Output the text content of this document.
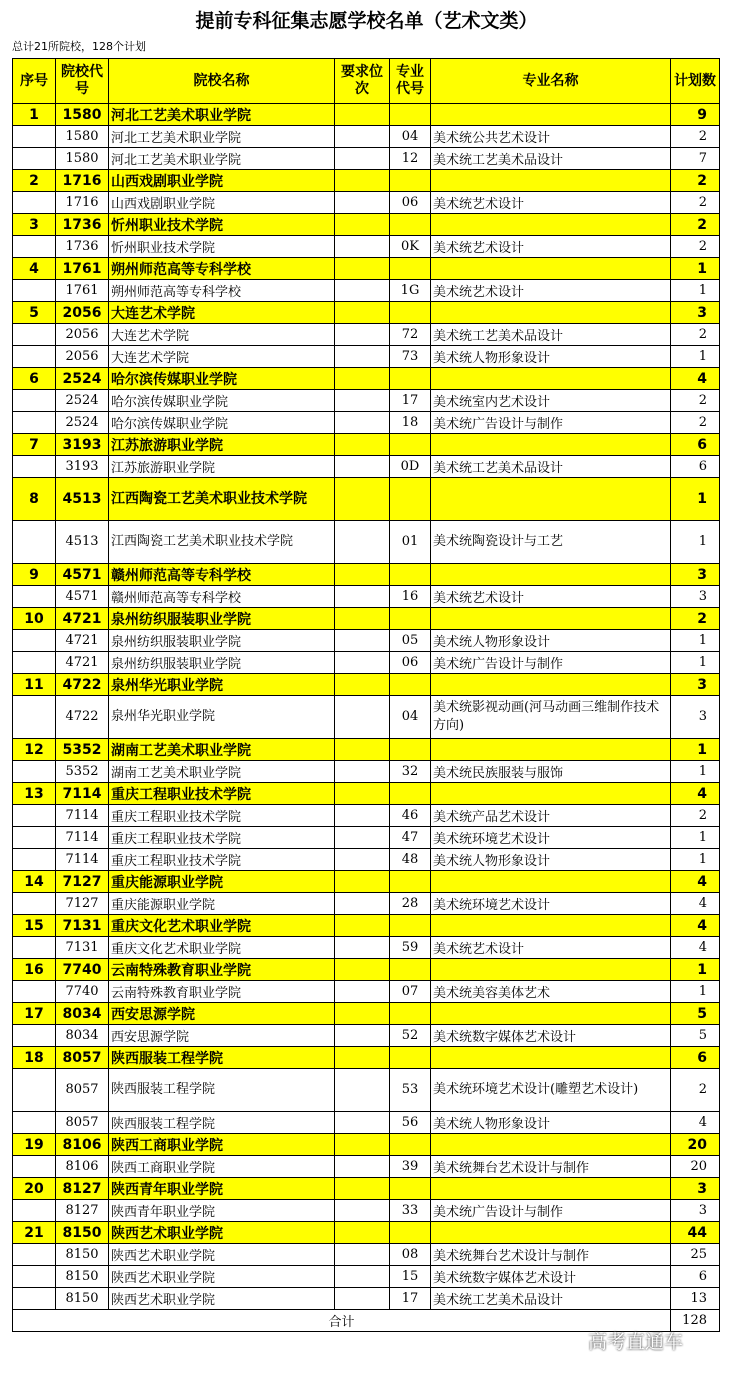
提前专科征集志愿学校名单（艺术文类）
总计21所院校，128个计划
序号	院校代号	院校名称	要求位次	专业代号	专业名称	计划数
1	1580	河北工艺美术职业学院				9
	1580	河北工艺美术职业学院		04	美术统公共艺术设计	2
	1580	河北工艺美术职业学院		12	美术统工艺美术品设计	7
2	1716	山西戏剧职业学院				2
	1716	山西戏剧职业学院		06	美术统艺术设计	2
3	1736	忻州职业技术学院				2
	1736	忻州职业技术学院		0K	美术统艺术设计	2
4	1761	朔州师范高等专科学校				1
	1761	朔州师范高等专科学校		1G	美术统艺术设计	1
5	2056	大连艺术学院				3
	2056	大连艺术学院		72	美术统工艺美术品设计	2
	2056	大连艺术学院		73	美术统人物形象设计	1
6	2524	哈尔滨传媒职业学院				4
	2524	哈尔滨传媒职业学院		17	美术统室内艺术设计	2
	2524	哈尔滨传媒职业学院		18	美术统广告设计与制作	2
7	3193	江苏旅游职业学院				6
	3193	江苏旅游职业学院		0D	美术统工艺美术品设计	6
8	4513	江西陶瓷工艺美术职业技术学院				1
	4513	江西陶瓷工艺美术职业技术学院		01	美术统陶瓷设计与工艺	1
9	4571	赣州师范高等专科学校				3
	4571	赣州师范高等专科学校		16	美术统艺术设计	3
10	4721	泉州纺织服装职业学院				2
	4721	泉州纺织服装职业学院		05	美术统人物形象设计	1
	4721	泉州纺织服装职业学院		06	美术统广告设计与制作	1
11	4722	泉州华光职业学院				3
	4722	泉州华光职业学院		04	美术统影视动画(河马动画三维制作技术方向)	3
12	5352	湖南工艺美术职业学院				1
	5352	湖南工艺美术职业学院		32	美术统民族服装与服饰	1
13	7114	重庆工程职业技术学院				4
	7114	重庆工程职业技术学院		46	美术统产品艺术设计	2
	7114	重庆工程职业技术学院		47	美术统环境艺术设计	1
	7114	重庆工程职业技术学院		48	美术统人物形象设计	1
14	7127	重庆能源职业学院				4
	7127	重庆能源职业学院		28	美术统环境艺术设计	4
15	7131	重庆文化艺术职业学院				4
	7131	重庆文化艺术职业学院		59	美术统艺术设计	4
16	7740	云南特殊教育职业学院				1
	7740	云南特殊教育职业学院		07	美术统美容美体艺术	1
17	8034	西安思源学院				5
	8034	西安思源学院		52	美术统数字媒体艺术设计	5
18	8057	陕西服装工程学院				6
	8057	陕西服装工程学院		53	美术统环境艺术设计(雕塑艺术设计)	2
	8057	陕西服装工程学院		56	美术统人物形象设计	4
19	8106	陕西工商职业学院				20
	8106	陕西工商职业学院		39	美术统舞台艺术设计与制作	20
20	8127	陕西青年职业学院				3
	8127	陕西青年职业学院		33	美术统广告设计与制作	3
21	8150	陕西艺术职业学院				44
	8150	陕西艺术职业学院		08	美术统舞台艺术设计与制作	25
	8150	陕西艺术职业学院		15	美术统数字媒体艺术设计	6
	8150	陕西艺术职业学院		17	美术统工艺美术品设计	13
合计						128
高考直通车
